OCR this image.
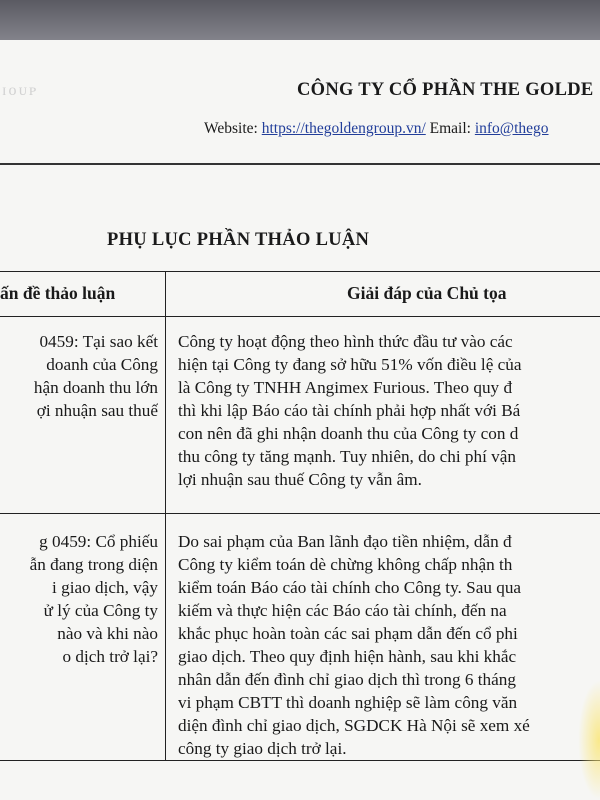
ɪᴏᴜᴘ	CÔNG TY CỔ PHẦN THE GOLDE
Website: https://thegoldengroup.vn/ Email: info@thego
PHỤ LỤC PHẦN THẢO LUẬN
ấn đề thảo luận	Giải đáp của Chủ tọa
0459: Tại sao kết
doanh của Công
hận doanh thu lớn
ợi nhuận sau thuế
Công ty hoạt động theo hình thức đầu tư vào các
hiện tại Công ty đang sở hữu 51% vốn điều lệ của
là Công ty TNHH Angimex Furious. Theo quy đ
thì khi lập Báo cáo tài chính phải hợp nhất với Bá
con nên đã ghi nhận doanh thu của Công ty con d
thu công ty tăng mạnh. Tuy nhiên, do chi phí vận
lợi nhuận sau thuế Công ty vẫn âm.
g 0459: Cổ phiếu
ẫn đang trong diện
i giao dịch, vậy
ử lý của Công ty
nào và khi nào
o dịch trở lại?
Do sai phạm của Ban lãnh đạo tiền nhiệm, dẫn đ
Công ty kiểm toán dè chừng không chấp nhận th
kiểm toán Báo cáo tài chính cho Công ty. Sau qua
kiếm và thực hiện các Báo cáo tài chính, đến na
khắc phục hoàn toàn các sai phạm dẫn đến cổ phi
giao dịch. Theo quy định hiện hành, sau khi khắc
nhân dẫn đến đình chỉ giao dịch thì trong 6 tháng
vi phạm CBTT thì doanh nghiệp sẽ làm công văn
diện đình chỉ giao dịch, SGDCK Hà Nội sẽ xem xé
công ty giao dịch trở lại.
